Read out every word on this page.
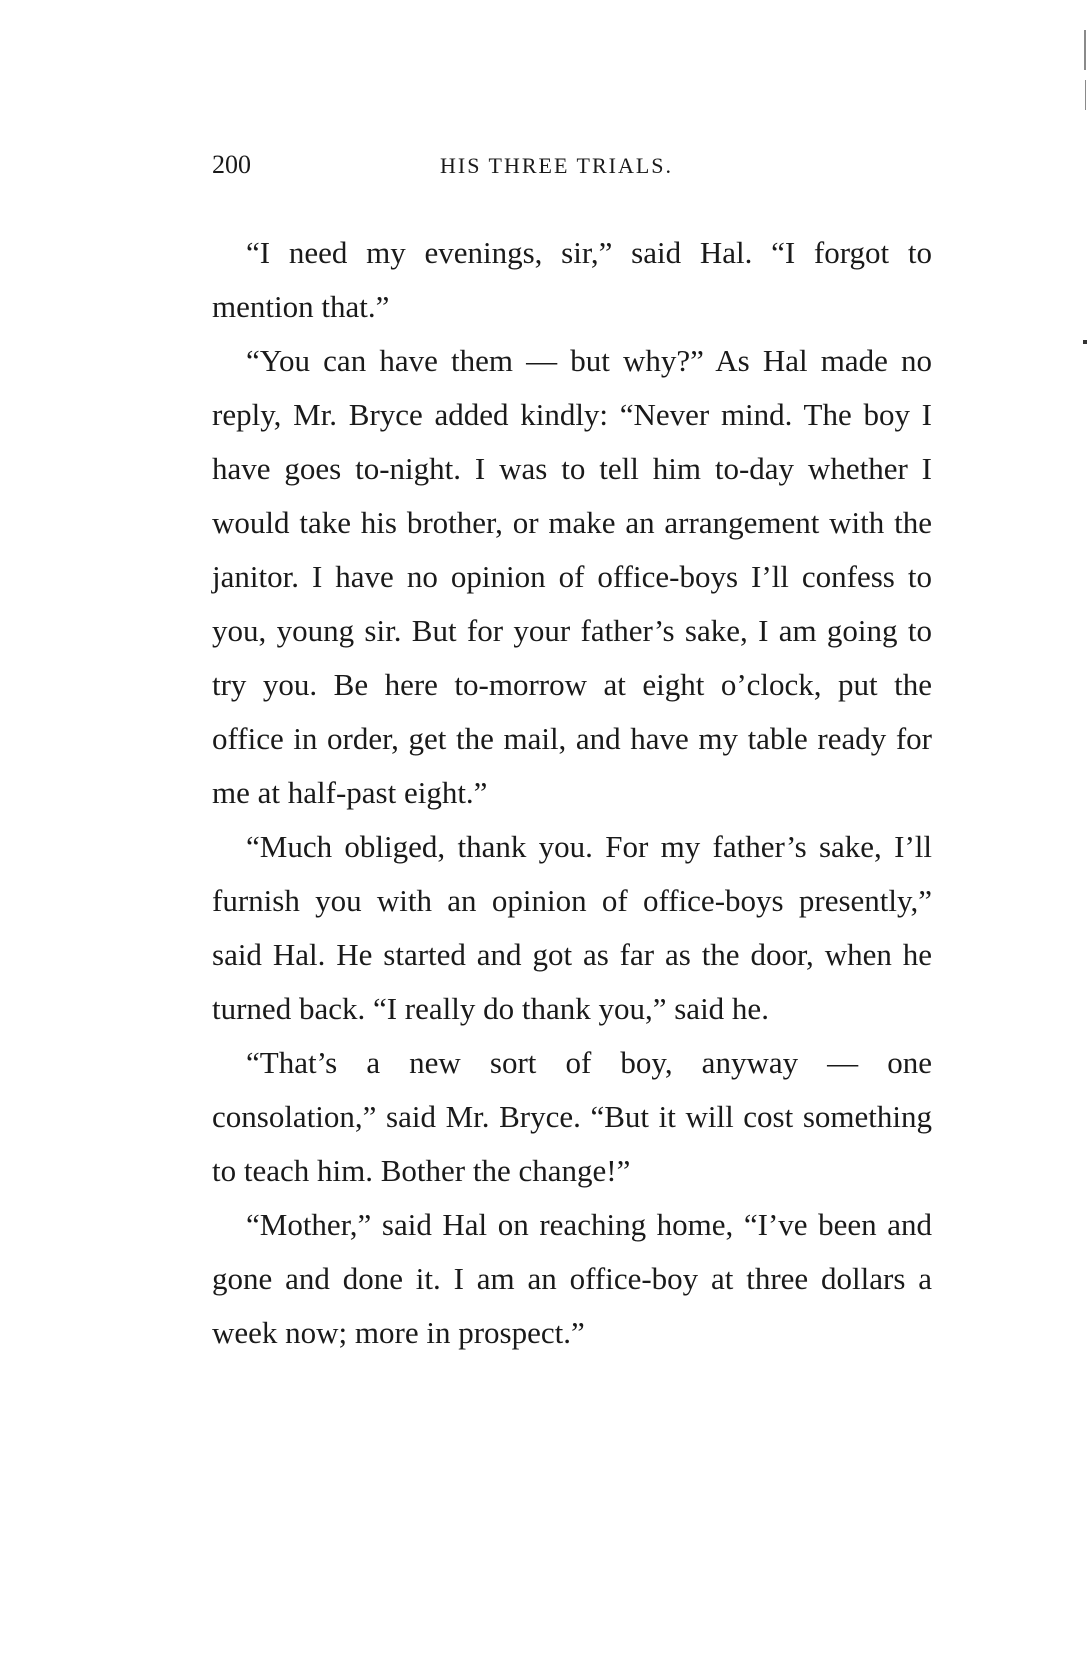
200	HIS THREE TRIALS.

“I need my evenings, sir,” said Hal. “I forgot to mention that.”

“You can have them — but why?” As Hal made no reply, Mr. Bryce added kindly: “Never mind. The boy I have goes to-night. I was to tell him to-day whether I would take his brother, or make an arrangement with the janitor. I have no opinion of office-boys I’ll confess to you, young sir. But for your father’s sake, I am going to try you. Be here to-morrow at eight o’clock, put the office in order, get the mail, and have my table ready for me at half-past eight.”

“Much obliged, thank you. For my father’s sake, I’ll furnish you with an opinion of office-boys presently,” said Hal. He started and got as far as the door, when he turned back. “I really do thank you,” said he.

“That’s a new sort of boy, anyway — one consolation,” said Mr. Bryce. “But it will cost something to teach him. Bother the change!”

“Mother,” said Hal on reaching home, “I’ve been and gone and done it. I am an office-boy at three dollars a week now; more in prospect.”
